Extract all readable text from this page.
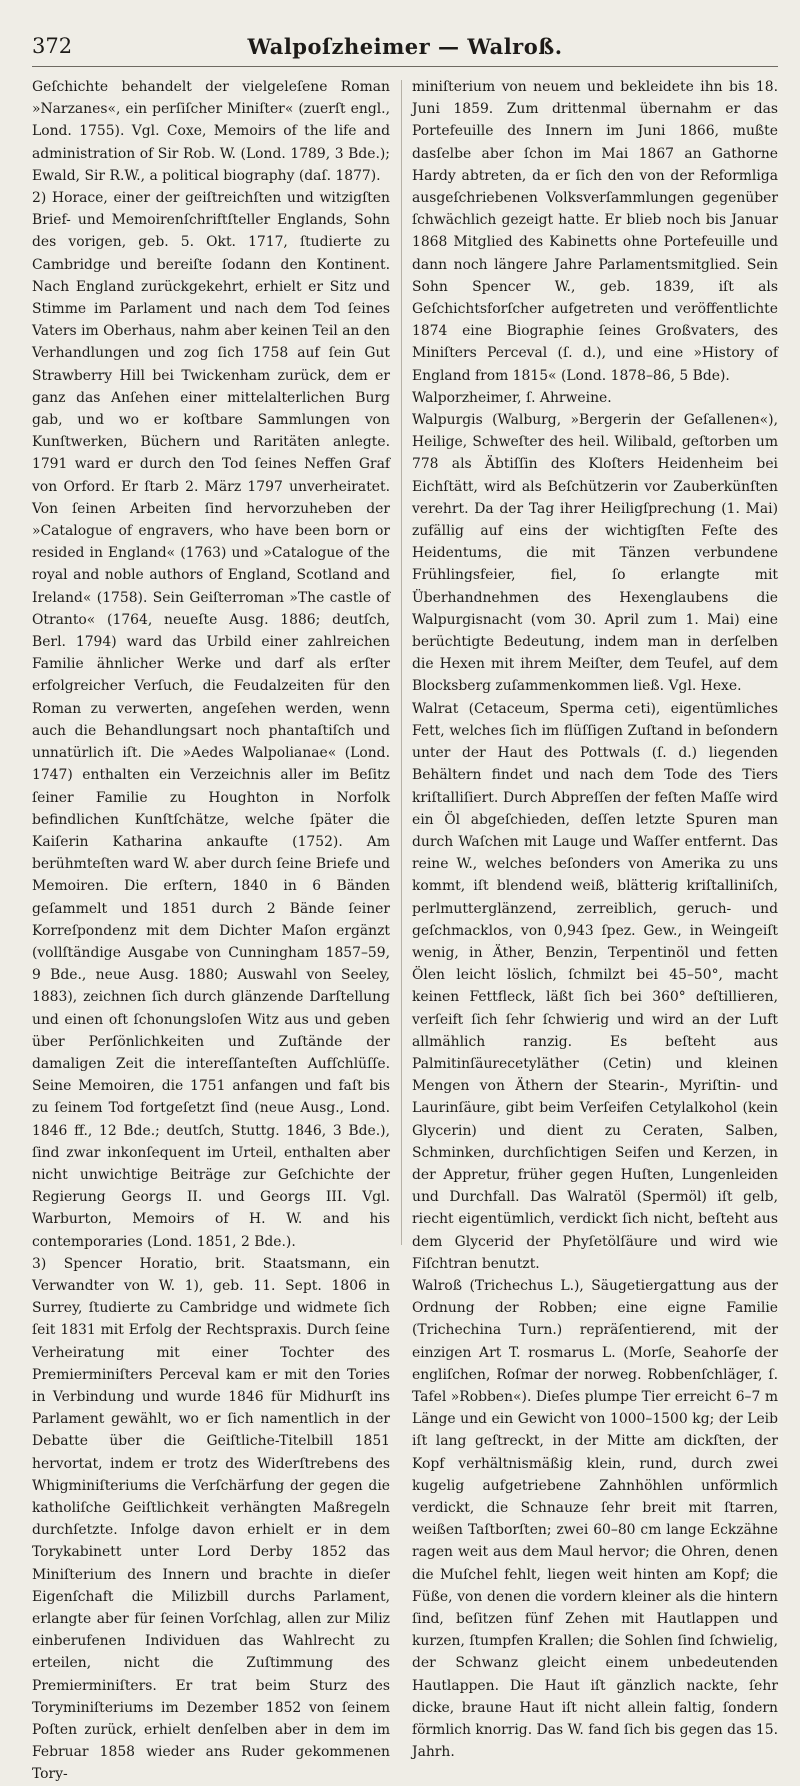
372	Walpoſzheimer — Walroß.

Geſchichte behandelt der vielgeleſene Roman »Narzanes«, ein perſiſcher Miniſter« (zuerſt engl., Lond. 1755). Vgl. Coxe, Memoirs of the life and administration of Sir Rob. W. (Lond. 1789, 3 Bde.); Ewald, Sir R.W., a political biography (daſ. 1877).

2) Horace, einer der geiſtreichſten und witzigſten Brief- und Memoirenſchriftſteller Englands, Sohn des vorigen, geb. 5. Okt. 1717, ſtudierte zu Cambridge und bereiſte ſodann den Kontinent. Nach England zurückgekehrt, erhielt er Sitz und Stimme im Parlament und nach dem Tod ſeines Vaters im Oberhaus, nahm aber keinen Teil an den Verhandlungen und zog ſich 1758 auf ſein Gut Strawberry Hill bei Twickenham zurück, dem er ganz das Anſehen einer mittelalterlichen Burg gab, und wo er koſtbare Sammlungen von Kunſtwerken, Büchern und Raritäten anlegte. 1791 ward er durch den Tod ſeines Neffen Graf von Orford. Er ſtarb 2. März 1797 unverheiratet. Von ſeinen Arbeiten ſind hervorzuheben der »Catalogue of engravers, who have been born or resided in England« (1763) und »Catalogue of the royal and noble authors of England, Scotland and Ireland« (1758). Sein Geiſterroman »The castle of Otranto« (1764, neueſte Ausg. 1886; deutſch, Berl. 1794) ward das Urbild einer zahlreichen Familie ähnlicher Werke und darf als erſter erfolgreicher Verſuch, die Feudalzeiten für den Roman zu verwerten, angeſehen werden, wenn auch die Behandlungsart noch phantaſtiſch und unnatürlich iſt. Die »Aedes Walpolianae« (Lond. 1747) enthalten ein Verzeichnis aller im Beſitz ſeiner Familie zu Houghton in Norfolk befindlichen Kunſtſchätze, welche ſpäter die Kaiſerin Katharina ankaufte (1752). Am berühmteſten ward W. aber durch ſeine Briefe und Memoiren. Die erſtern, 1840 in 6 Bänden geſammelt und 1851 durch 2 Bände ſeiner Korreſpondenz mit dem Dichter Maſon ergänzt (vollſtändige Ausgabe von Cunningham 1857–59, 9 Bde., neue Ausg. 1880; Auswahl von Seeley, 1883), zeichnen ſich durch glänzende Darſtellung und einen oft ſchonungsloſen Witz aus und geben über Perſönlichkeiten und Zuſtände der damaligen Zeit die intereſſanteſten Aufſchlüſſe. Seine Memoiren, die 1751 anfangen und faſt bis zu ſeinem Tod fortgeſetzt ſind (neue Ausg., Lond. 1846 ff., 12 Bde.; deutſch, Stuttg. 1846, 3 Bde.), ſind zwar inkonſequent im Urteil, enthalten aber nicht unwichtige Beiträge zur Geſchichte der Regierung Georgs II. und Georgs III. Vgl. Warburton, Memoirs of H. W. and his contemporaries (Lond. 1851, 2 Bde.).

3) Spencer Horatio, brit. Staatsmann, ein Verwandter von W. 1), geb. 11. Sept. 1806 in Surrey, ſtudierte zu Cambridge und widmete ſich ſeit 1831 mit Erfolg der Rechtspraxis. Durch ſeine Verheiratung mit einer Tochter des Premierminiſters Perceval kam er mit den Tories in Verbindung und wurde 1846 für Midhurſt ins Parlament gewählt, wo er ſich namentlich in der Debatte über die Geiſtliche-Titelbill 1851 hervortat, indem er trotz des Widerſtrebens des Whigminiſteriums die Verſchärfung der gegen die katholiſche Geiſtlichkeit verhängten Maßregeln durchſetzte. Infolge davon erhielt er in dem Torykabinett unter Lord Derby 1852 das Miniſterium des Innern und brachte in dieſer Eigenſchaft die Milizbill durchs Parlament, erlangte aber für ſeinen Vorſchlag, allen zur Miliz einberufenen Individuen das Wahlrecht zu erteilen, nicht die Zuſtimmung des Premierminiſters. Er trat beim Sturz des Toryminiſteriums im Dezember 1852 von ſeinem Poſten zurück, erhielt denſelben aber in dem im Februar 1858 wieder ans Ruder gekommenen Tory-

miniſterium von neuem und bekleidete ihn bis 18. Juni 1859. Zum drittenmal übernahm er das Portefeuille des Innern im Juni 1866, mußte dasſelbe aber ſchon im Mai 1867 an Gathorne Hardy abtreten, da er ſich den von der Reformliga ausgeſchriebenen Volksverſammlungen gegenüber ſchwächlich gezeigt hatte. Er blieb noch bis Januar 1868 Mitglied des Kabinetts ohne Portefeuille und dann noch längere Jahre Parlamentsmitglied. Sein Sohn Spencer W., geb. 1839, iſt als Geſchichtsforſcher aufgetreten und veröffentlichte 1874 eine Biographie ſeines Großvaters, des Miniſters Perceval (ſ. d.), und eine »History of England from 1815« (Lond. 1878–86, 5 Bde).

Walporzheimer, ſ. Ahrweine.

Walpurgis (Walburg, »Bergerin der Geſallenen«), Heilige, Schweſter des heil. Wilibald, geſtorben um 778 als Äbtiſſin des Kloſters Heidenheim bei Eichſtätt, wird als Beſchützerin vor Zauberkünſten verehrt. Da der Tag ihrer Heiligſprechung (1. Mai) zufällig auf eins der wichtigſten Feſte des Heidentums, die mit Tänzen verbundene Frühlingsfeier, fiel, ſo erlangte mit Überhandnehmen des Hexenglaubens die Walpurgisnacht (vom 30. April zum 1. Mai) eine berüchtigte Bedeutung, indem man in derſelben die Hexen mit ihrem Meiſter, dem Teufel, auf dem Blocksberg zuſammenkommen ließ. Vgl. Hexe.

Walrat (Cetaceum, Sperma ceti), eigentümliches Fett, welches ſich im flüſſigen Zuſtand in beſondern unter der Haut des Pottwals (ſ. d.) liegenden Behältern findet und nach dem Tode des Tiers kriſtalliſiert. Durch Abpreſſen der feſten Maſſe wird ein Öl abgeſchieden, deſſen letzte Spuren man durch Waſchen mit Lauge und Waſſer entfernt. Das reine W., welches beſonders von Amerika zu uns kommt, iſt blendend weiß, blätterig kriſtalliniſch, perlmutterglänzend, zerreiblich, geruch- und geſchmacklos, von 0,943 ſpez. Gew., in Weingeiſt wenig, in Äther, Benzin, Terpentinöl und fetten Ölen leicht löslich, ſchmilzt bei 45–50°, macht keinen Fettfleck, läßt ſich bei 360° deſtillieren, verſeift ſich ſehr ſchwierig und wird an der Luft allmählich ranzig. Es beſteht aus Palmitinſäurecetyläther (Cetin) und kleinen Mengen von Äthern der Stearin-, Myriſtin- und Laurinſäure, gibt beim Verſeifen Cetylalkohol (kein Glycerin) und dient zu Ceraten, Salben, Schminken, durchſichtigen Seifen und Kerzen, in der Appretur, früher gegen Huſten, Lungenleiden und Durchfall. Das Walratöl (Spermöl) iſt gelb, riecht eigentümlich, verdickt ſich nicht, beſteht aus dem Glycerid der Phyſetölſäure und wird wie Fiſchtran benutzt.

Walroß (Trichechus L.), Säugetiergattung aus der Ordnung der Robben; eine eigne Familie (Trichechina Turn.) repräſentierend, mit der einzigen Art T. rosmarus L. (Morſe, Seahorſe der engliſchen, Roſmar der norweg. Robbenſchläger, ſ. Tafel »Robben«). Dieſes plumpe Tier erreicht 6–7 m Länge und ein Gewicht von 1000–1500 kg; der Leib iſt lang geſtreckt, in der Mitte am dickſten, der Kopf verhältnismäßig klein, rund, durch zwei kugelig aufgetriebene Zahnhöhlen unförmlich verdickt, die Schnauze ſehr breit mit ſtarren, weißen Taſtborſten; zwei 60–80 cm lange Eckzähne ragen weit aus dem Maul hervor; die Ohren, denen die Muſchel fehlt, liegen weit hinten am Kopf; die Füße, von denen die vordern kleiner als die hintern ſind, beſitzen fünf Zehen mit Hautlappen und kurzen, ſtumpfen Krallen; die Sohlen ſind ſchwielig, der Schwanz gleicht einem unbedeutenden Hautlappen. Die Haut iſt gänzlich nackte, ſehr dicke, braune Haut iſt nicht allein faltig, ſondern förmlich knorrig. Das W. fand ſich bis gegen das 15. Jahrh.
